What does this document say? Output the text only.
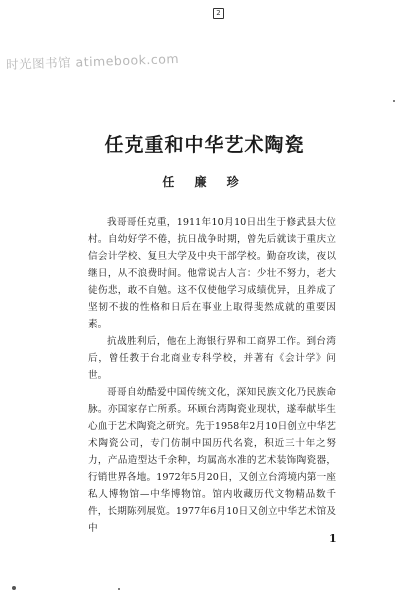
时光图书馆 atimebook.com
2
任克重和中华艺术陶瓷
任 廉 珍

我哥哥任克重，1911年10月10日出生于修武县大位村。自幼好学不倦，抗日战争时期，曾先后就读于重庆立信会计学校、复旦大学及中央干部学校。勤奋攻读，夜以继日，从不浪费时间。他常说古人言：少壮不努力，老大徒伤悲，敢不自勉。这不仅使他学习成绩优异，且养成了坚韧不拔的性格和日后在事业上取得斐然成就的重要因素。

抗战胜利后，他在上海银行界和工商界工作。到台湾后，曾任教于台北商业专科学校，并著有《会计学》问世。

哥哥自幼酷爱中国传统文化，深知民族文化乃民族命脉。亦国家存亡所系。环顾台湾陶瓷业现状，遂奉献毕生心血于艺术陶瓷之研究。先于1958年2月10日创立中华艺术陶瓷公司，专门仿制中国历代名瓷，积近三十年之努力，产品造型达千余种，均属高水准的艺术装饰陶瓷器，行销世界各地。1972年5月20日，又创立台湾境内第一座私人博物馆—中华博物馆。馆内收藏历代文物精品数千件，长期陈列展览。1977年6月10日又创立中华艺术馆及中

1
